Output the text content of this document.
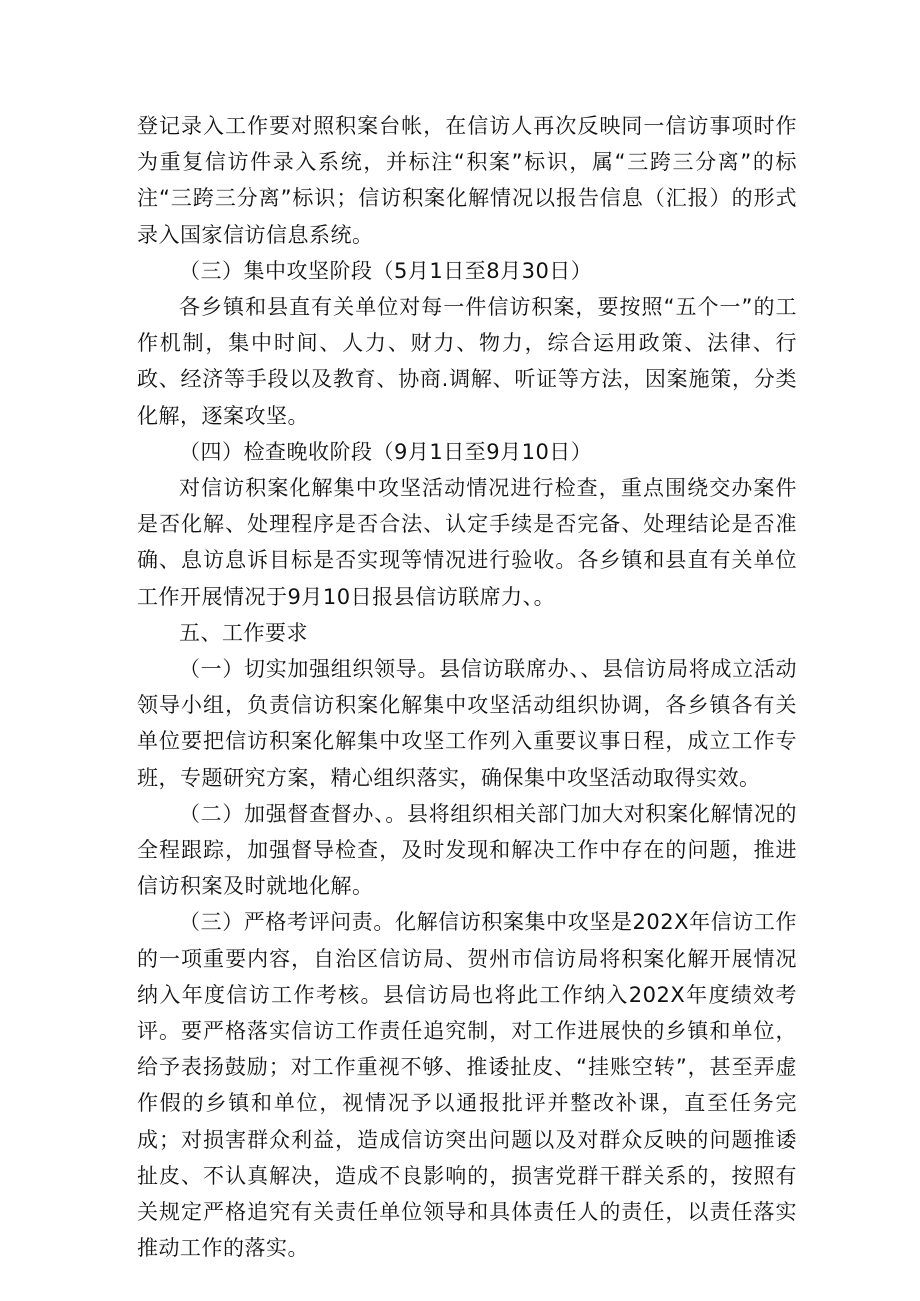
登记录入工作要对照积案台帐，在信访人再次反映同一信访事项时作为重复信访件录入系统，并标注“积案”标识，属“三跨三分离”的标注“三跨三分离”标识；信访积案化解情况以报告信息（汇报）的形式录入国家信访信息系统。

（三）集中攻坚阶段（5月1日至8月30日）

各乡镇和县直有关单位对每一件信访积案，要按照“五个一”的工作机制，集中时间、人力、财力、物力，综合运用政策、法律、行政、经济等手段以及教育、协商.调解、听证等方法，因案施策，分类化解，逐案攻坚。

（四）检查晚收阶段（9月1日至9月10日）

对信访积案化解集中攻坚活动情况进行检查，重点围绕交办案件是否化解、处理程序是否合法、认定手续是否完备、处理结论是否准确、息访息诉目标是否实现等情况进行验收。各乡镇和县直有关单位工作开展情况于9月10日报县信访联席力、。

五、工作要求

（一）切实加强组织领导。县信访联席办、、县信访局将成立活动领导小组，负责信访积案化解集中攻坚活动组织协调，各乡镇各有关单位要把信访积案化解集中攻坚工作列入重要议事日程，成立工作专班，专题研究方案，精心组织落实，确保集中攻坚活动取得实效。

（二）加强督查督办、。县将组织相关部门加大对积案化解情况的全程跟踪，加强督导检查，及时发现和解决工作中存在的问题，推进信访积案及时就地化解。

（三）严格考评问责。化解信访积案集中攻坚是202X年信访工作的一项重要内容，自治区信访局、贺州市信访局将积案化解开展情况纳入年度信访工作考核。县信访局也将此工作纳入202X年度绩效考评。要严格落实信访工作责任追究制，对工作进展快的乡镇和单位，给予表扬鼓励；对工作重视不够、推诿扯皮、“挂账空转”，甚至弄虚作假的乡镇和单位，视情况予以通报批评并整改补课，直至任务完成；对损害群众利益，造成信访突出问题以及对群众反映的问题推诿扯皮、不认真解决，造成不良影响的，损害党群干群关系的，按照有关规定严格追究有关责任单位领导和具体责任人的责任，以责任落实推动工作的落实。
